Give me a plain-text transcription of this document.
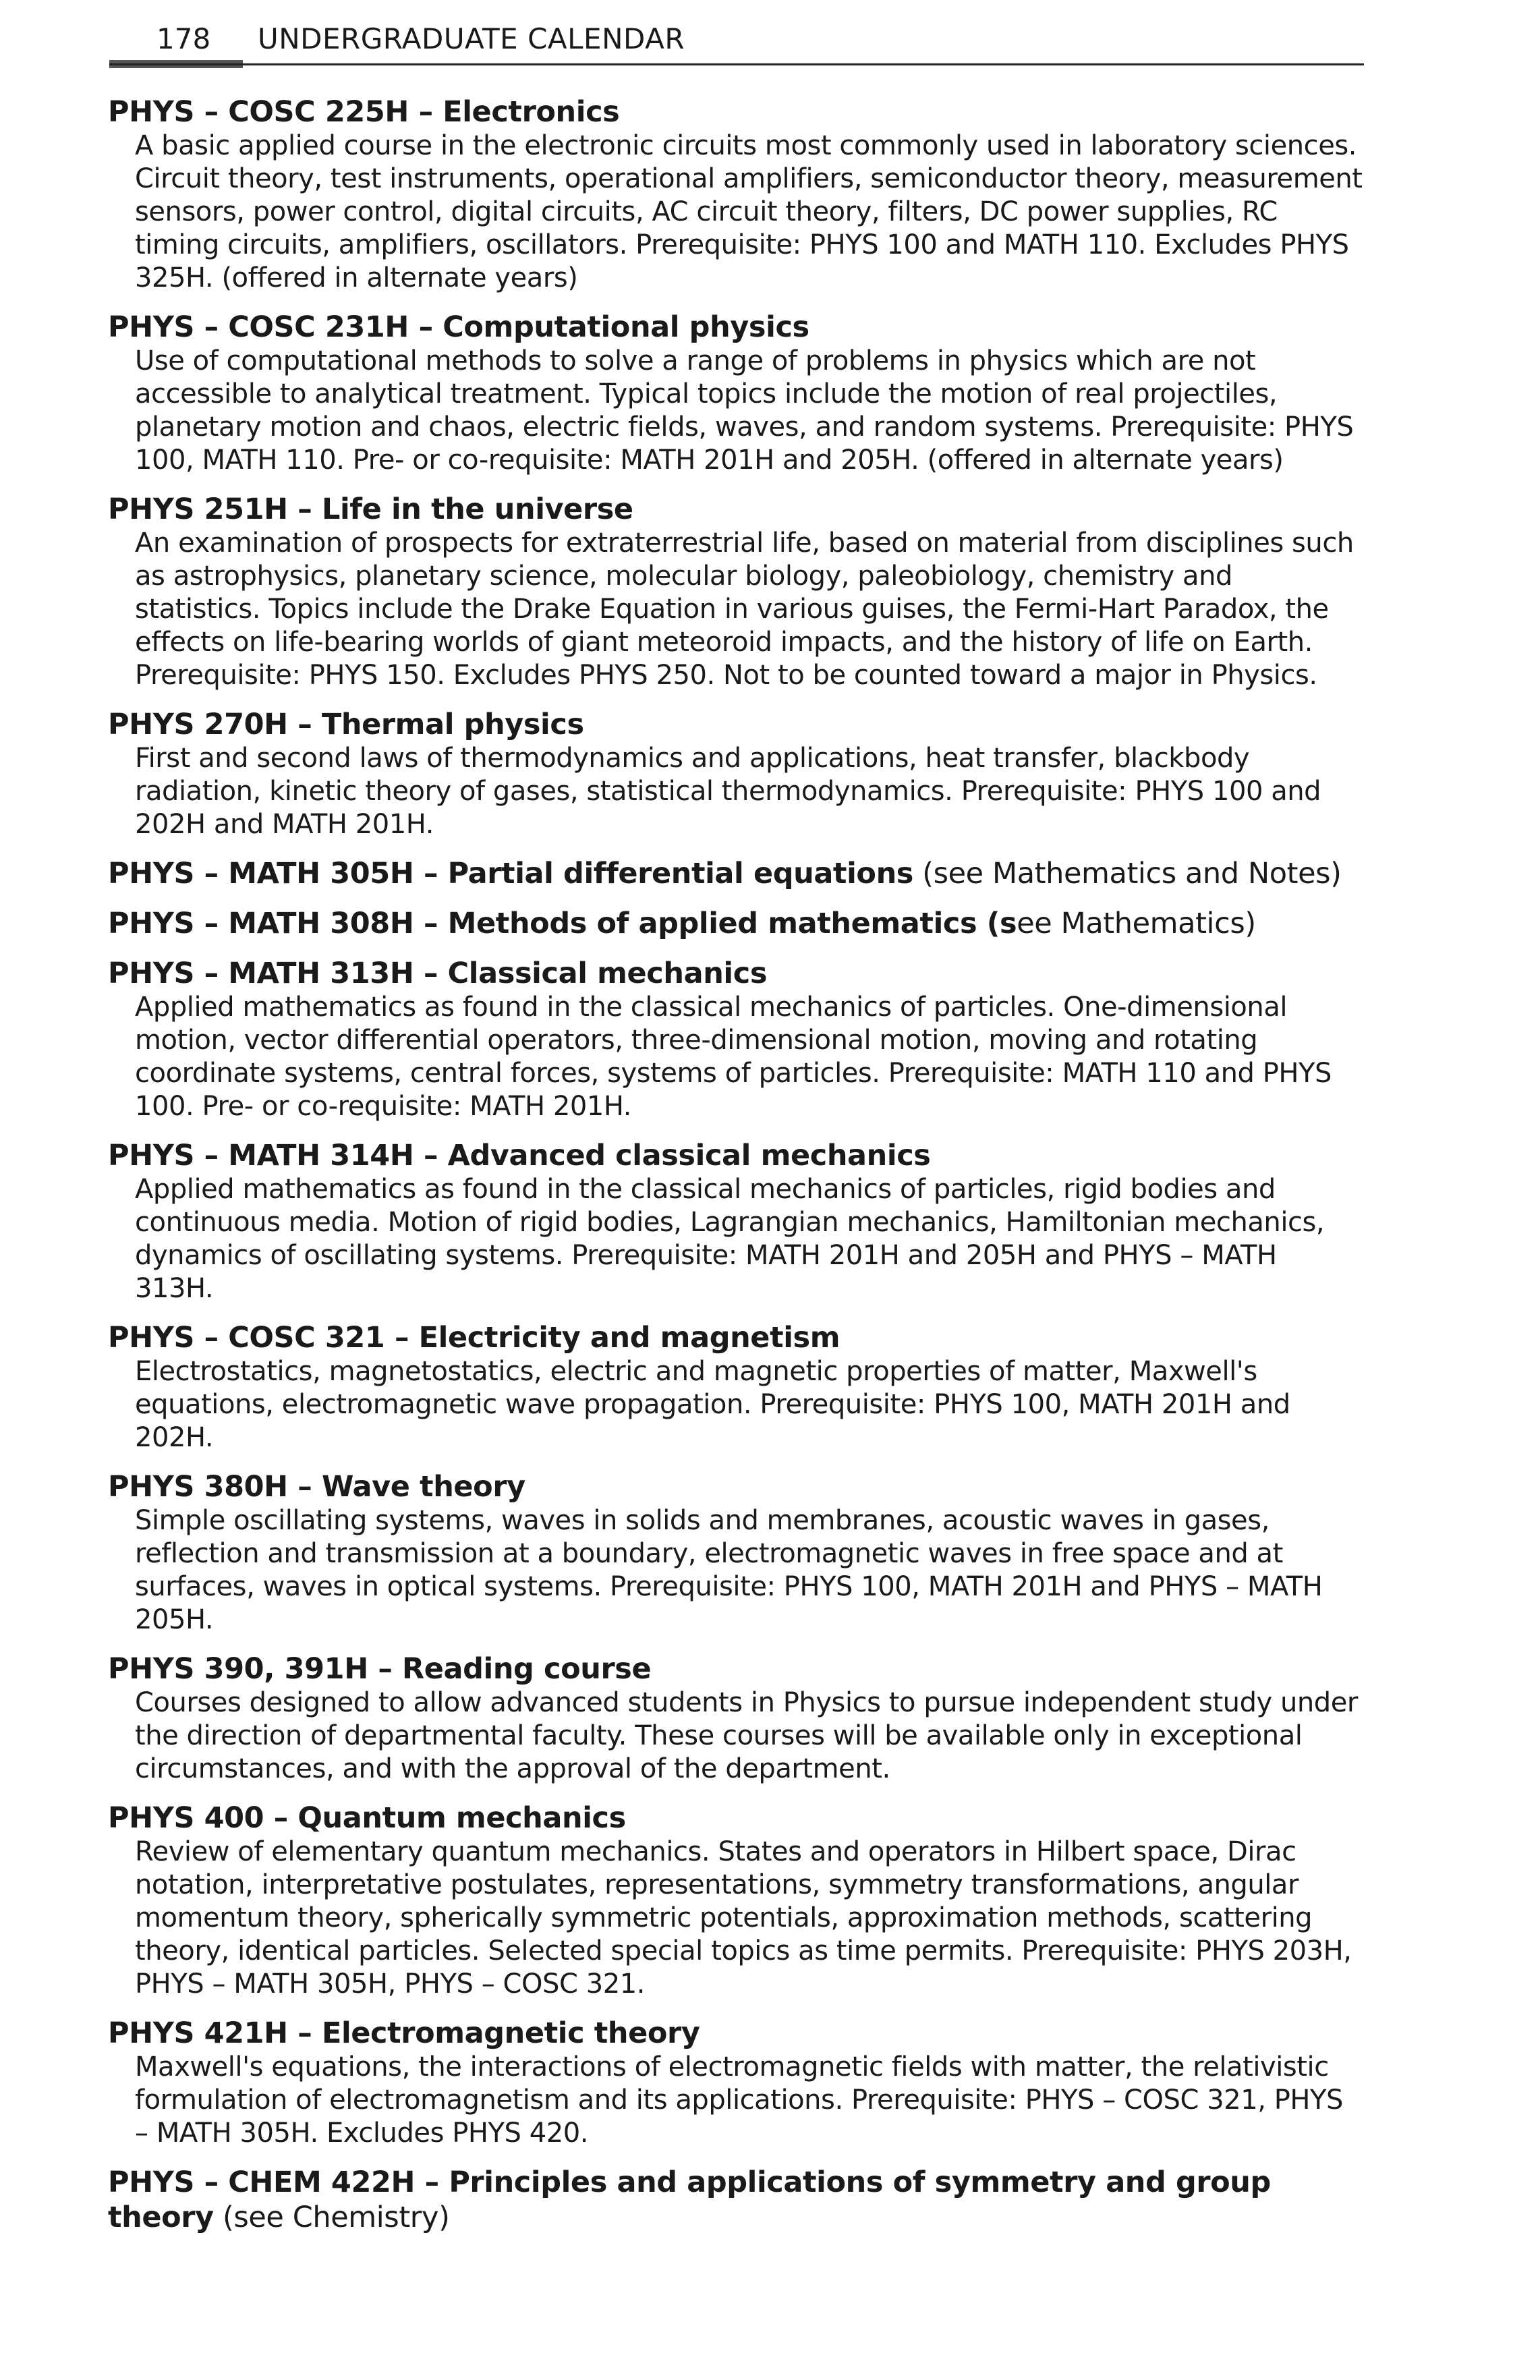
178 UNDERGRADUATE CALENDAR

PHYS – COSC 225H – Electronics

A basic applied course in the electronic circuits most commonly used in laboratory sciences. Circuit theory, test instruments, operational amplifiers, semiconductor theory, measurement sensors, power control, digital circuits, AC circuit theory, filters, DC power supplies, RC timing circuits, amplifiers, oscillators. Prerequisite: PHYS 100 and MATH 110. Excludes PHYS 325H. (offered in alternate years)

PHYS – COSC 231H – Computational physics

Use of computational methods to solve a range of problems in physics which are not accessible to analytical treatment. Typical topics include the motion of real projectiles, planetary motion and chaos, electric fields, waves, and random systems. Prerequisite: PHYS 100, MATH 110. Pre- or co-requisite: MATH 201H and 205H. (offered in alternate years)

PHYS 251H – Life in the universe

An examination of prospects for extraterrestrial life, based on material from disciplines such as astrophysics, planetary science, molecular biology, paleobiology, chemistry and statistics. Topics include the Drake Equation in various guises, the Fermi-Hart Paradox, the effects on life-bearing worlds of giant meteoroid impacts, and the history of life on Earth. Prerequisite: PHYS 150. Excludes PHYS 250. Not to be counted toward a major in Physics.

PHYS 270H – Thermal physics

First and second laws of thermodynamics and applications, heat transfer, blackbody radiation, kinetic theory of gases, statistical thermodynamics. Prerequisite: PHYS 100 and 202H and MATH 201H.

PHYS – MATH 305H – Partial differential equations (see Mathematics and Notes)

PHYS – MATH 308H – Methods of applied mathematics (see Mathematics)

PHYS – MATH 313H – Classical mechanics

Applied mathematics as found in the classical mechanics of particles. One-dimensional motion, vector differential operators, three-dimensional motion, moving and rotating coordinate systems, central forces, systems of particles. Prerequisite: MATH 110 and PHYS 100. Pre- or co-requisite: MATH 201H.

PHYS – MATH 314H – Advanced classical mechanics

Applied mathematics as found in the classical mechanics of particles, rigid bodies and continuous media. Motion of rigid bodies, Lagrangian mechanics, Hamiltonian mechanics, dynamics of oscillating systems. Prerequisite: MATH 201H and 205H and PHYS – MATH 313H.

PHYS – COSC 321 – Electricity and magnetism

Electrostatics, magnetostatics, electric and magnetic properties of matter, Maxwell's equations, electromagnetic wave propagation. Prerequisite: PHYS 100, MATH 201H and 202H.

PHYS 380H – Wave theory

Simple oscillating systems, waves in solids and membranes, acoustic waves in gases, reflection and transmission at a boundary, electromagnetic waves in free space and at surfaces, waves in optical systems. Prerequisite: PHYS 100, MATH 201H and PHYS – MATH 205H.

PHYS 390, 391H – Reading course

Courses designed to allow advanced students in Physics to pursue independent study under the direction of departmental faculty. These courses will be available only in exceptional circumstances, and with the approval of the department.

PHYS 400 – Quantum mechanics

Review of elementary quantum mechanics. States and operators in Hilbert space, Dirac notation, interpretative postulates, representations, symmetry transformations, angular momentum theory, spherically symmetric potentials, approximation methods, scattering theory, identical particles. Selected special topics as time permits. Prerequisite: PHYS 203H, PHYS – MATH 305H, PHYS – COSC 321.

PHYS 421H – Electromagnetic theory

Maxwell's equations, the interactions of electromagnetic fields with matter, the relativistic formulation of electromagnetism and its applications. Prerequisite: PHYS – COSC 321, PHYS – MATH 305H. Excludes PHYS 420.

PHYS – CHEM 422H – Principles and applications of symmetry and group theory (see Chemistry)
